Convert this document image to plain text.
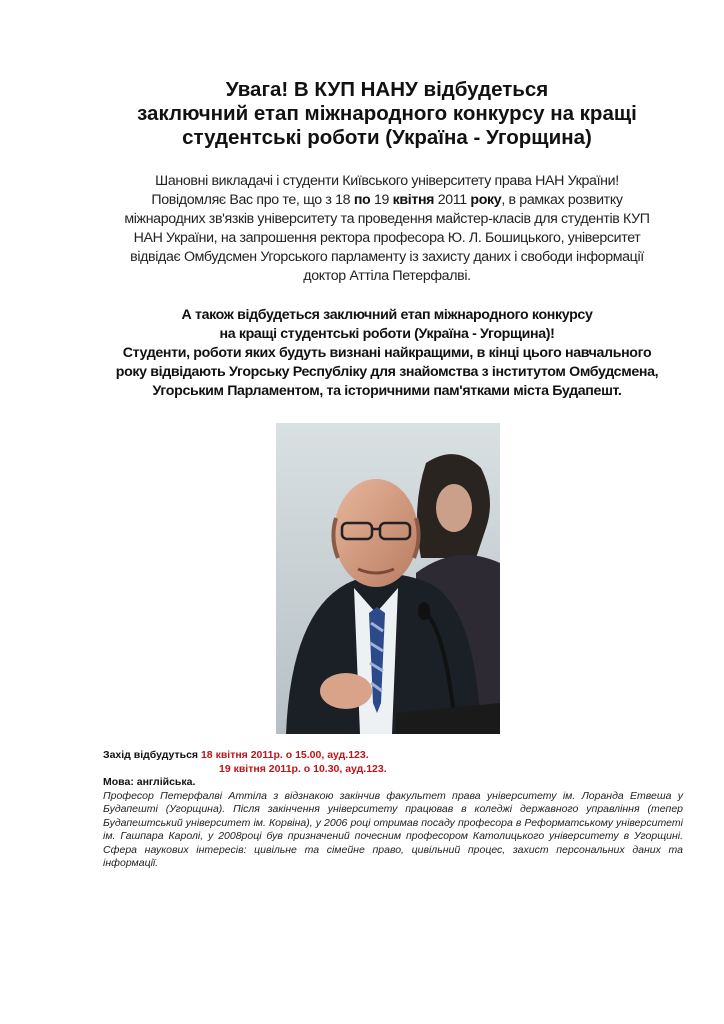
Увага! В КУП НАНУ відбудеться
заключний етап міжнародного конкурсу на кращі
студентські роботи (Україна - Угорщина)
Шановні викладачі і студенти Київського університету права НАН України!
Повідомляє Вас про те, що з 18 по 19 квітня 2011 року, в рамках розвитку
міжнародних зв'язків університету та проведення майстер-класів для студентів КУП
НАН України, на запрошення ректора професора Ю. Л. Бошицького, університет
відвідає Омбудсмен Угорського парламенту із захисту даних і свободи інформації
доктор Аттіла Петерфалві.
А також відбудеться заключний етап міжнародного конкурсу
на кращі студентські роботи (Україна - Угорщина)!
Студенти, роботи яких будуть визнані найкращими, в кінці цього навчального
року відвідають Угорську Республіку для знайомства з інститутом Омбудсмена,
Угорським Парламентом, та історичними пам'ятками міста Будапешт.
Захід відбудуться 18 квітня 2011р. о 15.00, ауд.123.
19 квітня 2011р. о 10.30, ауд.123.
Мова: англійська.
Професор Петерфалві Аттіла з відзнакою закінчив факультет права університету ім. Лоранда Етвеша у Будапешті (Угорщина). Після закінчення університету працював в коледжі державного управління (тепер Будапештський університет ім. Корвіна), у 2006 році отримав посаду професора в Реформатському університеті ім. Гашпара Каролі, у 2008році був призначений почесним професором Католицького університету в Угорщині. Сфера наукових інтересів: цивільне та сімейне право, цивільний процес, захист персональних даних та інформації.
